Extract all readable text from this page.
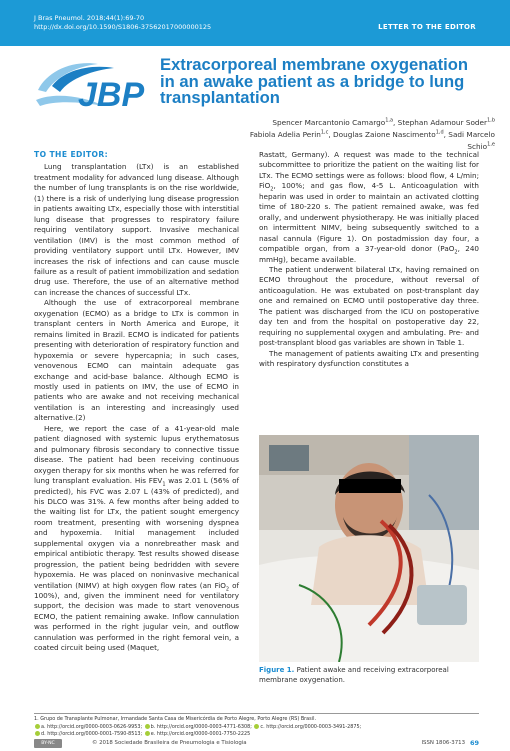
J Bras Pneumol. 2018;44(1):69-70
http://dx.doi.org/10.1590/S1806-37562017000000125	LETTER TO THE EDITOR
JBP
Extracorporeal membrane oxygenation in an awake patient as a bridge to lung transplantation
Spencer Marcantonio Camargo$^{1,a}$, Stephan Adamour Soder$^{1,b}$
Fabiola Adelia Perin$^{1,c}$, Douglas Zaione Nascimento$^{1,d}$, Sadi Marcelo Schio$^{1,e}$

TO THE EDITOR:

Lung transplantation (LTx) is an established treatment modality for advanced lung disease. Although the number of lung transplants is on the rise worldwide,(1) there is a risk of underlying lung disease progression in patients awaiting LTx, especially those with interstitial lung disease that progresses to respiratory failure requiring ventilatory support. Invasive mechanical ventilation (IMV) is the most common method of providing ventilatory support until LTx. However, IMV increases the risk of infections and can cause muscle failure as a result of patient immobilization and sedation drug use. Therefore, the use of an alternative method can increase the chances of successful LTx.

Although the use of extracorporeal membrane oxygenation (ECMO) as a bridge to LTx is common in transplant centers in North America and Europe, it remains limited in Brazil. ECMO is indicated for patients presenting with deterioration of respiratory function and hypoxemia or severe hypercapnia; in such cases, venovenous ECMO can maintain adequate gas exchange and acid-base balance. Although ECMO is mostly used in patients on IMV, the use of ECMO in patients who are awake and not receiving mechanical ventilation is an interesting and increasingly used alternative.(2)

Here, we report the case of a 41-year-old male patient diagnosed with systemic lupus erythematosus and pulmonary fibrosis secondary to connective tissue disease. The patient had been receiving continuous oxygen therapy for six months when he was referred for lung transplant evaluation. His $FEV_1$ was 2.01 L (56% of predicted), his FVC was 2.07 L (43% of predicted), and his DLCO was 31%. A few months after being added to the waiting list for LTx, the patient sought emergency room treatment, presenting with worsening dyspnea and hypoxemia. Initial management included supplemental oxygen via a nonrebreather mask and empirical antibiotic therapy. Test results showed disease progression, the patient being bedridden with severe hypoxemia. He was placed on noninvasive mechanical ventilation (NIMV) at high oxygen flow rates (an FiO$_2$ of 100%), and, given the imminent need for ventilatory support, the decision was made to start venovenous ECMO, the patient remaining awake. Inflow cannulation was performed in the right jugular vein, and outflow cannulation was performed in the right femoral vein, a coated circuit being used (Maquet,

Rastatt, Germany). A request was made to the technical subcommittee to prioritize the patient on the waiting list for LTx. The ECMO settings were as follows: blood flow, 4 L/min; FiO$_2$, 100%; and gas flow, 4-5 L. Anticoagulation with heparin was used in order to maintain an activated clotting time of 180-220 s. The patient remained awake, was fed orally, and underwent physiotherapy. He was initially placed on intermittent NIMV, being subsequently switched to a nasal cannula (Figure 1). On postadmission day four, a compatible organ, from a 37-year-old donor (PaO$_2$, 240 mmHg), became available.

The patient underwent bilateral LTx, having remained on ECMO throughout the procedure, without reversal of anticoagulation. He was extubated on post-transplant day one and remained on ECMO until postoperative day three. The patient was discharged from the ICU on postoperative day ten and from the hospital on postoperative day 22, requiring no supplemental oxygen and ambulating. Pre- and post-transplant blood gas variables are shown in Table 1.

The management of patients awaiting LTx and presenting with respiratory dysfunction constitutes a

Figure 1. Patient awake and receiving extracorporeal membrane oxygenation.
1. Grupo de Transplante Pulmonar, Irmandade Santa Casa de Misericórdia de Porto Alegre, Porto Alegre (RS) Brasil.
a. http://orcid.org/0000-0003-0626-9953; b. http://orcid.org/0000-0003-4771-6308; c. http://orcid.org/0000-0003-3491-2875;
d. http://orcid.org/0000-0001-7590-8513; e. http://orcid.org/0000-0001-7750-2225
BY-NC	© 2018 Sociedade Brasileira de Pneumologia e Tisiologia	ISSN 1806-3713 69
